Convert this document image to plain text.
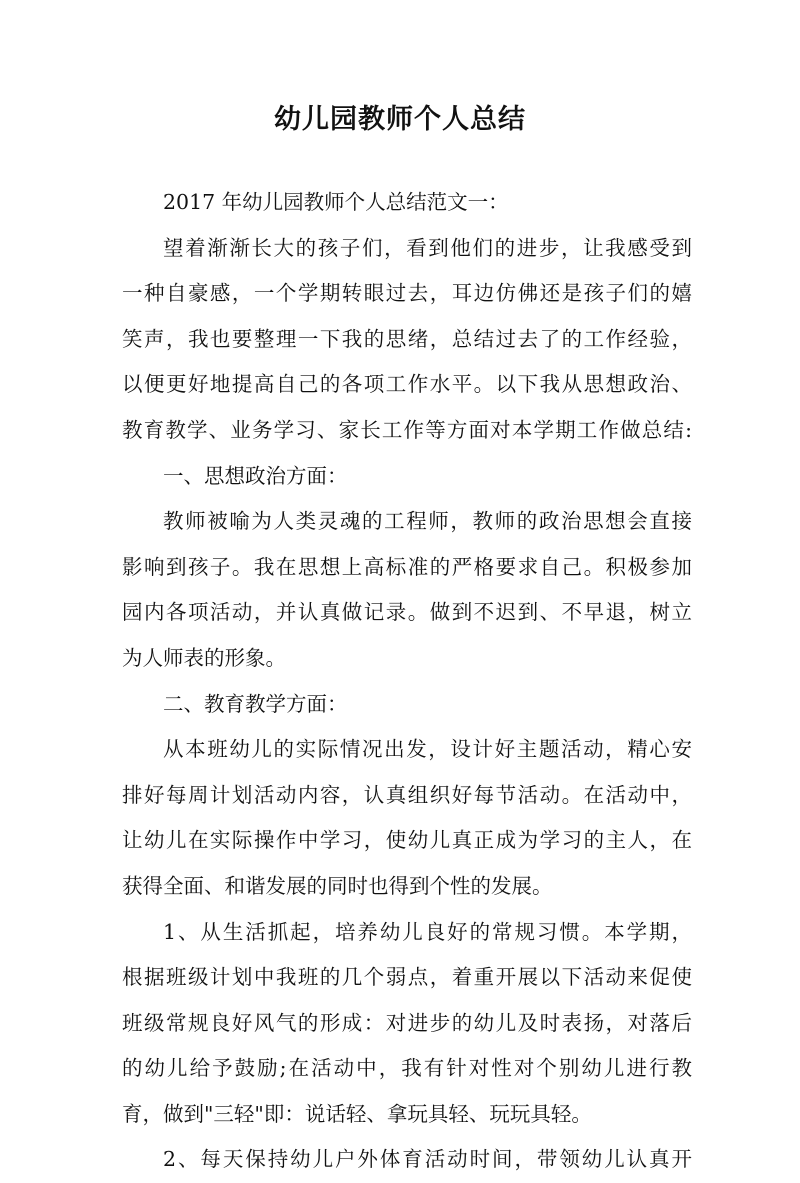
幼儿园教师个人总结
2017 年幼儿园教师个人总结范文一：
望着渐渐长大的孩子们，看到他们的进步，让我感受到
一种自豪感，一个学期转眼过去，耳边仿佛还是孩子们的嬉
笑声，我也要整理一下我的思绪，总结过去了的工作经验，
以便更好地提高自己的各项工作水平。以下我从思想政治、
教育教学、业务学习、家长工作等方面对本学期工作做总结:
一、思想政治方面：
教师被喻为人类灵魂的工程师，教师的政治思想会直接
影响到孩子。我在思想上高标准的严格要求自己。积极参加
园内各项活动，并认真做记录。做到不迟到、不早退，树立
为人师表的形象。
二、教育教学方面：
从本班幼儿的实际情况出发，设计好主题活动，精心安
排好每周计划活动内容，认真组织好每节活动。在活动中，
让幼儿在实际操作中学习，使幼儿真正成为学习的主人，在
获得全面、和谐发展的同时也得到个性的发展。
1、从生活抓起，培养幼儿良好的常规习惯。本学期，
根据班级计划中我班的几个弱点，着重开展以下活动来促使
班级常规良好风气的形成：对进步的幼儿及时表扬，对落后
的幼儿给予鼓励;在活动中，我有针对性对个别幼儿进行教
育，做到"三轻"即：说话轻、拿玩具轻、玩玩具轻。
2、每天保持幼儿户外体育活动时间，带领幼儿认真开
